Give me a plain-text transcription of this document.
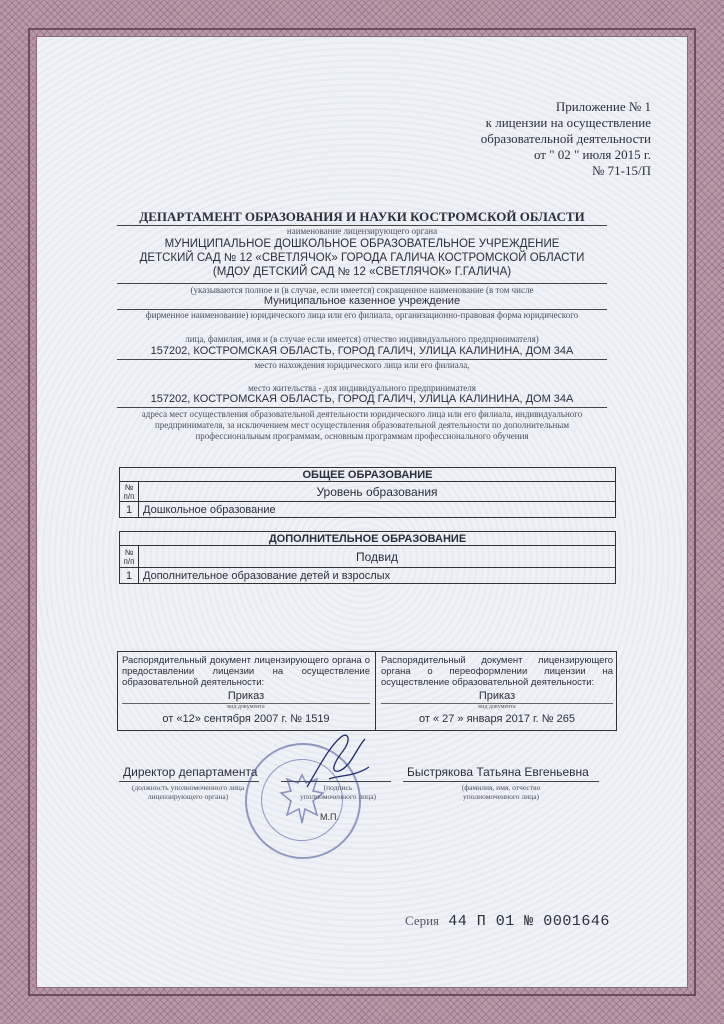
Приложение № 1
к лицензии на осуществление
образовательной деятельности
от " 02 " июля 2015 г.
№ 71-15/П
ДЕПАРТАМЕНТ ОБРАЗОВАНИЯ И НАУКИ КОСТРОМСКОЙ ОБЛАСТИ
наименование лицензирующего органа
МУНИЦИПАЛЬНОЕ ДОШКОЛЬНОЕ ОБРАЗОВАТЕЛЬНОЕ УЧРЕЖДЕНИЕ
ДЕТСКИЙ САД № 12 «СВЕТЛЯЧОК» ГОРОДА ГАЛИЧА КОСТРОМСКОЙ ОБЛАСТИ
(МДОУ ДЕТСКИЙ САД № 12 «СВЕТЛЯЧОК» Г.ГАЛИЧА)
(указываются полное и (в случае, если имеется) сокращенное наименование (в том числе
Муниципальное казенное учреждение
фирменное наименование) юридического лица или его филиала, организационно-правовая форма юридического
лица, фамилия, имя и (в случае если имеется) отчество индивидуального предпринимателя)
157202, КОСТРОМСКАЯ ОБЛАСТЬ, ГОРОД ГАЛИЧ, УЛИЦА КАЛИНИНА, ДОМ 34А
место нахождения юридического лица или его филиала,
место жительства - для индивидуального предпринимателя
157202, КОСТРОМСКАЯ ОБЛАСТЬ, ГОРОД ГАЛИЧ, УЛИЦА КАЛИНИНА, ДОМ 34А
адреса мест осуществления образовательной деятельности юридического лица или его филиала, индивидуального
предпринимателя, за исключением мест осуществления образовательной деятельности по дополнительным
профессиональным программам, основным программам профессионального обучения
ОБЩЕЕ ОБРАЗОВАНИЕ	

№
п/п	Уровень образования
1	Дошкольное образование
ДОПОЛНИТЕЛЬНОЕ ОБРАЗОВАНИЕ	

№
п/п	Подвид
1	Дополнительное образование детей и взрослых
Распорядительный документ лицензирующего органа о предоставлении лицензии на осуществление образовательной деятельности:
Приказ
вид документа
от «12» сентября 2007 г. № 1519
Распорядительный документ лицензирующего органа о переоформлении лицензии на осуществление образовательной деятельности:
Приказ
вид документа
от « 27 » января 2017 г. № 265
Директор департамента
(должность уполномоченного лица
лицензирующего органа)
(подпись
уполномоченного лица)
Быстрякова Татьяна Евгеньевна
(фамилия, имя, отчество
уполномоченного лица)
М.П.
Серия 44 П 01 № 0001646
